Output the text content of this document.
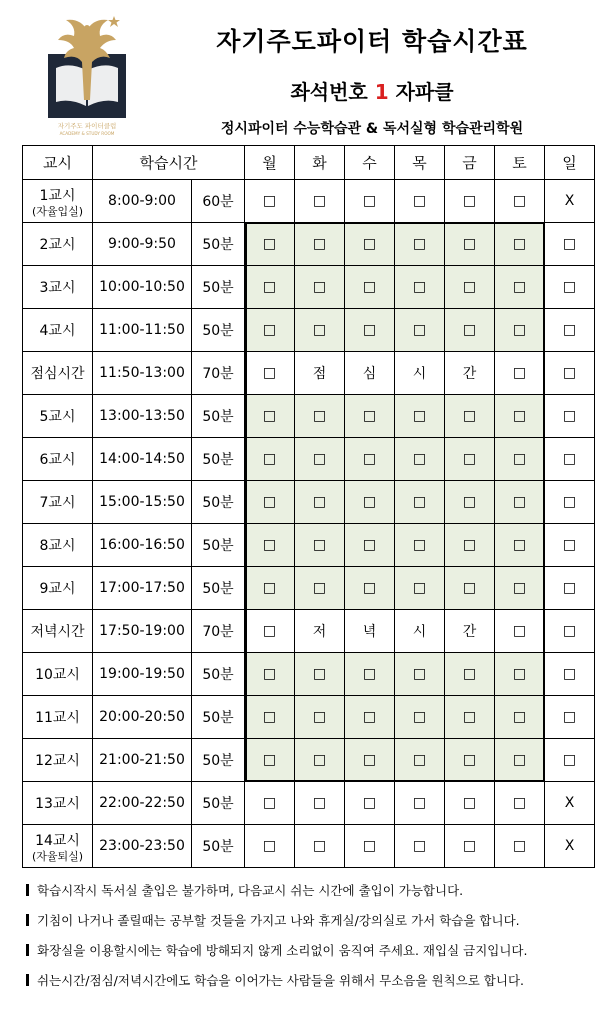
자기주도 파이터클럽
ACADEMY & STUDY ROOM
자기주도파이터 학습시간표
좌석번호 1 자파클
정시파이터 수능학습관 & 독서실형 학습관리학원
교시	학습시간		월	화	수	목	금	토	일
1교시
(자율입실)	8:00-9:00	60분	□	□	□	□	□	□	X
2교시	9:00-9:50	50분	□	□	□	□	□	□	□
3교시	10:00-10:50	50분	□	□	□	□	□	□	□
4교시	11:00-11:50	50분	□	□	□	□	□	□	□
점심시간	11:50-13:00	70분	□	점	심	시	간	□	□
5교시	13:00-13:50	50분	□	□	□	□	□	□	□
6교시	14:00-14:50	50분	□	□	□	□	□	□	□
7교시	15:00-15:50	50분	□	□	□	□	□	□	□
8교시	16:00-16:50	50분	□	□	□	□	□	□	□
9교시	17:00-17:50	50분	□	□	□	□	□	□	□
저녁시간	17:50-19:00	70분	□	저	녁	시	간	□	□
10교시	19:00-19:50	50분	□	□	□	□	□	□	□
11교시	20:00-20:50	50분	□	□	□	□	□	□	□
12교시	21:00-21:50	50분	□	□	□	□	□	□	□
13교시	22:00-22:50	50분	□	□	□	□	□	□	X
14교시
(자율퇴실)	23:00-23:50	50분	□	□	□	□	□	□	X
학습시작시 독서실 출입은 불가하며, 다음교시 쉬는 시간에 출입이 가능합니다.
기침이 나거나 졸릴때는 공부할 것들을 가지고 나와 휴게실/강의실로 가서 학습을 합니다.
화장실을 이용할시에는 학습에 방해되지 않게 소리없이 움직여 주세요. 재입실 금지입니다.
쉬는시간/점심/저녁시간에도 학습을 이어가는 사람들을 위해서 무소음을 원칙으로 합니다.
